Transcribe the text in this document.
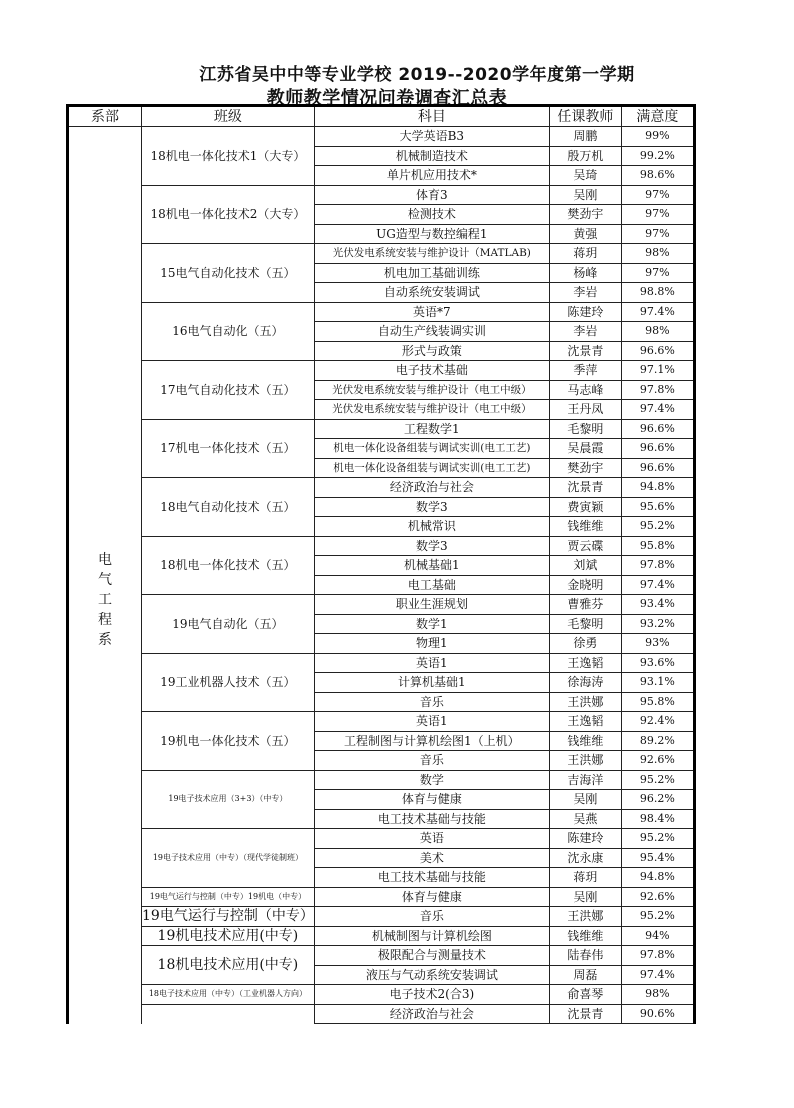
江苏省吴中中等专业学校 2019--2020学年度第一学期
教师教学情况问卷调查汇总表
系部	班级	科目	任课教师	满意度
电
气
工
程
系	18机电一体化技术1（大专）	大学英语B3	周鹏	99%
		机械制造技术	殷万机	99.2%
		单片机应用技术*	吴琦	98.6%
	18机电一体化技术2（大专）	体育3	吴刚	97%
		检测技术	樊劲宇	97%
		UG造型与数控编程1	黄强	97%
	15电气自动化技术（五）	光伏发电系统安装与维护设计（MATLAB)	蒋玥	98%
		机电加工基础训练	杨峰	97%
		自动系统安装调试	李岩	98.8%
	16电气自动化（五）	英语*7	陈建玲	97.4%
		自动生产线装调实训	李岩	98%
		形式与政策	沈景青	96.6%
	17电气自动化技术（五）	电子技术基础	季萍	97.1%
		光伏发电系统安装与维护设计（电工中级）	马志峰	97.8%
		光伏发电系统安装与维护设计（电工中级）	王丹凤	97.4%
	17机电一体化技术（五）	工程数学1	毛黎明	96.6%
		机电一体化设备组装与调试实训(电工工艺)	吴晨霞	96.6%
		机电一体化设备组装与调试实训(电工工艺)	樊劲宇	96.6%
	18电气自动化技术（五）	经济政治与社会	沈景青	94.8%
		数学3	费寅颖	95.6%
		机械常识	钱维维	95.2%
	18机电一体化技术（五）	数学3	贾云碟	95.8%
		机械基础1	刘斌	97.8%
		电工基础	金晓明	97.4%
	19电气自动化（五）	职业生涯规划	曹雅芬	93.4%
		数学1	毛黎明	93.2%
		物理1	徐勇	93%
	19工业机器人技术（五）	英语1	王逸韬	93.6%
		计算机基础1	徐海涛	93.1%
		音乐	王洪娜	95.8%
	19机电一体化技术（五）	英语1	王逸韬	92.4%
		工程制图与计算机绘图1（上机）	钱维维	89.2%
		音乐	王洪娜	92.6%
	19电子技术应用（3+3）（中专）	数学	吉海洋	95.2%
		体育与健康	吴刚	96.2%
		电工技术基础与技能	吴燕	98.4%
	19电子技术应用（中专）（现代学徒制班）	英语	陈建玲	95.2%
		美术	沈永康	95.4%
		电工技术基础与技能	蒋玥	94.8%
	19电气运行与控制（中专）19机电（中专）	体育与健康	吴刚	92.6%
	19电气运行与控制（中专）	音乐	王洪娜	95.2%
	19机电技术应用(中专)	机械制图与计算机绘图	钱维维	94%
	18机电技术应用(中专)	极限配合与测量技术	陆春伟	97.8%
		液压与气动系统安装调试	周磊	97.4%
	18电子技术应用（中专）（工业机器人方向）	电子技术2(合3)	俞喜琴	98%
		经济政治与社会	沈景青	90.6%
